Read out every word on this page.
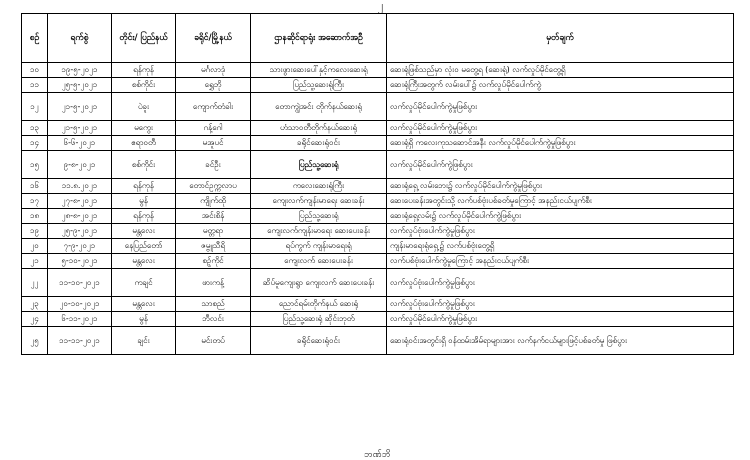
၂
စဉ်	ရက်စွဲ	တိုင်း/ ပြည်နယ်	ခရိုင်/မြို့နယ်	ဌာနဆိုင်ရာရုံး အဆောက်အဦ	မှတ်ချက်
၁၀	၁၉-၅-၂၀၂၁	ရန်ကုန်	မင်္ဂလာဒုံ	သားဖွားဆေးပေါ်နှင့်ကလေးဆေးရုံ	ဆေးရုံဖြစ်သည်မှာ လုံးဝ မတွေ့ရ (ဆေးရုံ) လက်လှုပ်မိုင်တွေ့ရှိ
၁၁	၂၅-၅-၂၀၂၁	စစ်ကိုင်း	ရွှေဘို	ပြည်သူ့ဆေးရုံကြီး	ဆေးရုံကြီးအတွက် လမ်းပေါ်၌ လက်လှုပ်မိုင်ပေါက်ကွဲ
၁၂	၂၁-၅-၂၀၂၁	ပဲခူး	ကျောက်တံခါး	တောကျွဲအင်း တိုက်နယ်ဆေးရုံ	လက်လှုပ်မိုင်ပေါက်ကွဲမှုဖြစ်ပွား
၁၃	၂၁-၅-၂၀၂၁	မကွေး	ဂန့်ဂေါ	ဟံသာဝတီတိုက်နယ်ဆေးရုံ	လက်လှုပ်မိုင်ပေါက်ကွဲမှုဖြစ်ပွား
၁၄	၆-၆-၂၀၂၁	ဧရာဝတီ	မအူပင်	ခရိုင်ဆေးရုံဝင်း	ဆေးရုံရှိ ကလေးကုသဆောင်အနီး လက်လှုပ်မိုင်ပေါက်ကွဲမှုဖြစ်ပွား
၁၅	၉-၈-၂၀၂၁	စစ်ကိုင်း	ခင်ဦး	ပြည်သူ့ဆေးရုံ	လက်လှုပ်မိုင်ပေါက်ကွဲဖြစ်ပွား
၁၆	၁၁.၈.၂၀၂၁	ရန်ကုန်	တောင်ဥက္ကလာပ	ကလေးဆေးရုံကြီး	ဆေးရုံရှေ့ လမ်းဘေး၌ လက်လှုပ်မိုင်ပေါက်ကွဲမှုဖြစ်ပွား
၁၇	၂၇-၈-၂၀၂၁	မွန်	ကျိုက်ထို	ကျေးလက်ကျန်းမာရေး ဆေးခန်း	ဆေးပေးခန်းအတွင်းသို့ လက်ပစ်ဗုံးပစ်ခတ်မှုကြောင့် အနည်းငယ်ပျက်စီး
၁၈	၂၈-၈-၂၀၂၁	ရန်ကုန်	အင်းစိန်	ပြည်သူ့ဆေးရုံ	ဆေးရုံရှေ့လမ်း၌ လက်လှုပ်မိုင်ပေါက်ကွဲဖြစ်ပွား
၁၉	၂၅-၉-၂၀၂၁	မန္တလေး	မတ္တရာ	ကျေးလက်ကျန်းမာရေး ဆေးပေးခန်း	လက်လှုပ်ဗုံးပေါက်ကွဲမှုဖြစ်ပွား
၂၀	၇-၉-၂၀၂၁	နေပြည်တော်	ဇမ္ဗူသီရိ	ရပ်ကွက် ကျန်းမာရေးရုံ	ကျန်းမာရေးရုံရှေ့၌ လက်ပစ်ဗုံးတွေ့ရှိ
၂၁	၅-၁၀-၂၀၂၁	မန္တလေး	စဉ့်ကိုင်	ကျေးလက် ဆေးပေးခန်း	လက်ပစ်ဗုံးပေါက်ကွဲမှုကြောင့် အနည်းငယ်ပျက်စီး
၂၂	၁၁-၁၀-၂၀၂၁	ကချင်	ဖားကန့်	ဆိပ်မူကျေးရွာ ကျေးလက် ဆေးပေးခန်း	လက်လှုပ်ဗုံးပေါက်ကွဲမှုဖြစ်ပွား
၂၃	၂၀-၁၀-၂၀၂၁	မန္တလေး	သာစည်	ညောင်ရမ်းတိုက်နယ် ဆေးရုံ	လက်လှုပ်ဗုံးပေါက်ကွဲမှုဖြစ်ပွား
၂၄	၆-၁၁-၂၀၂၁	မွန်	ဘီလင်း	ပြည်သူ့ဆေးရုံ ဆိုင်းဘုတ်	လက်လှုပ်မိုင်ပေါက်ကွဲမှုဖြစ်ပွား
၂၅	၁၁-၁၁-၂၀၂၁	ချင်း	မင်းတပ်	ခရိုင်ဆေးရုံဝင်း	ဆေးရုံဝင်းအတွင်းရှိ ဝန်ထမ်းအိမ်ရာများအား လက်နက်ငယ်များဖြင့်ပစ်ခတ်မှု ဖြစ်ပွား
ဘဏ်ဘိ
